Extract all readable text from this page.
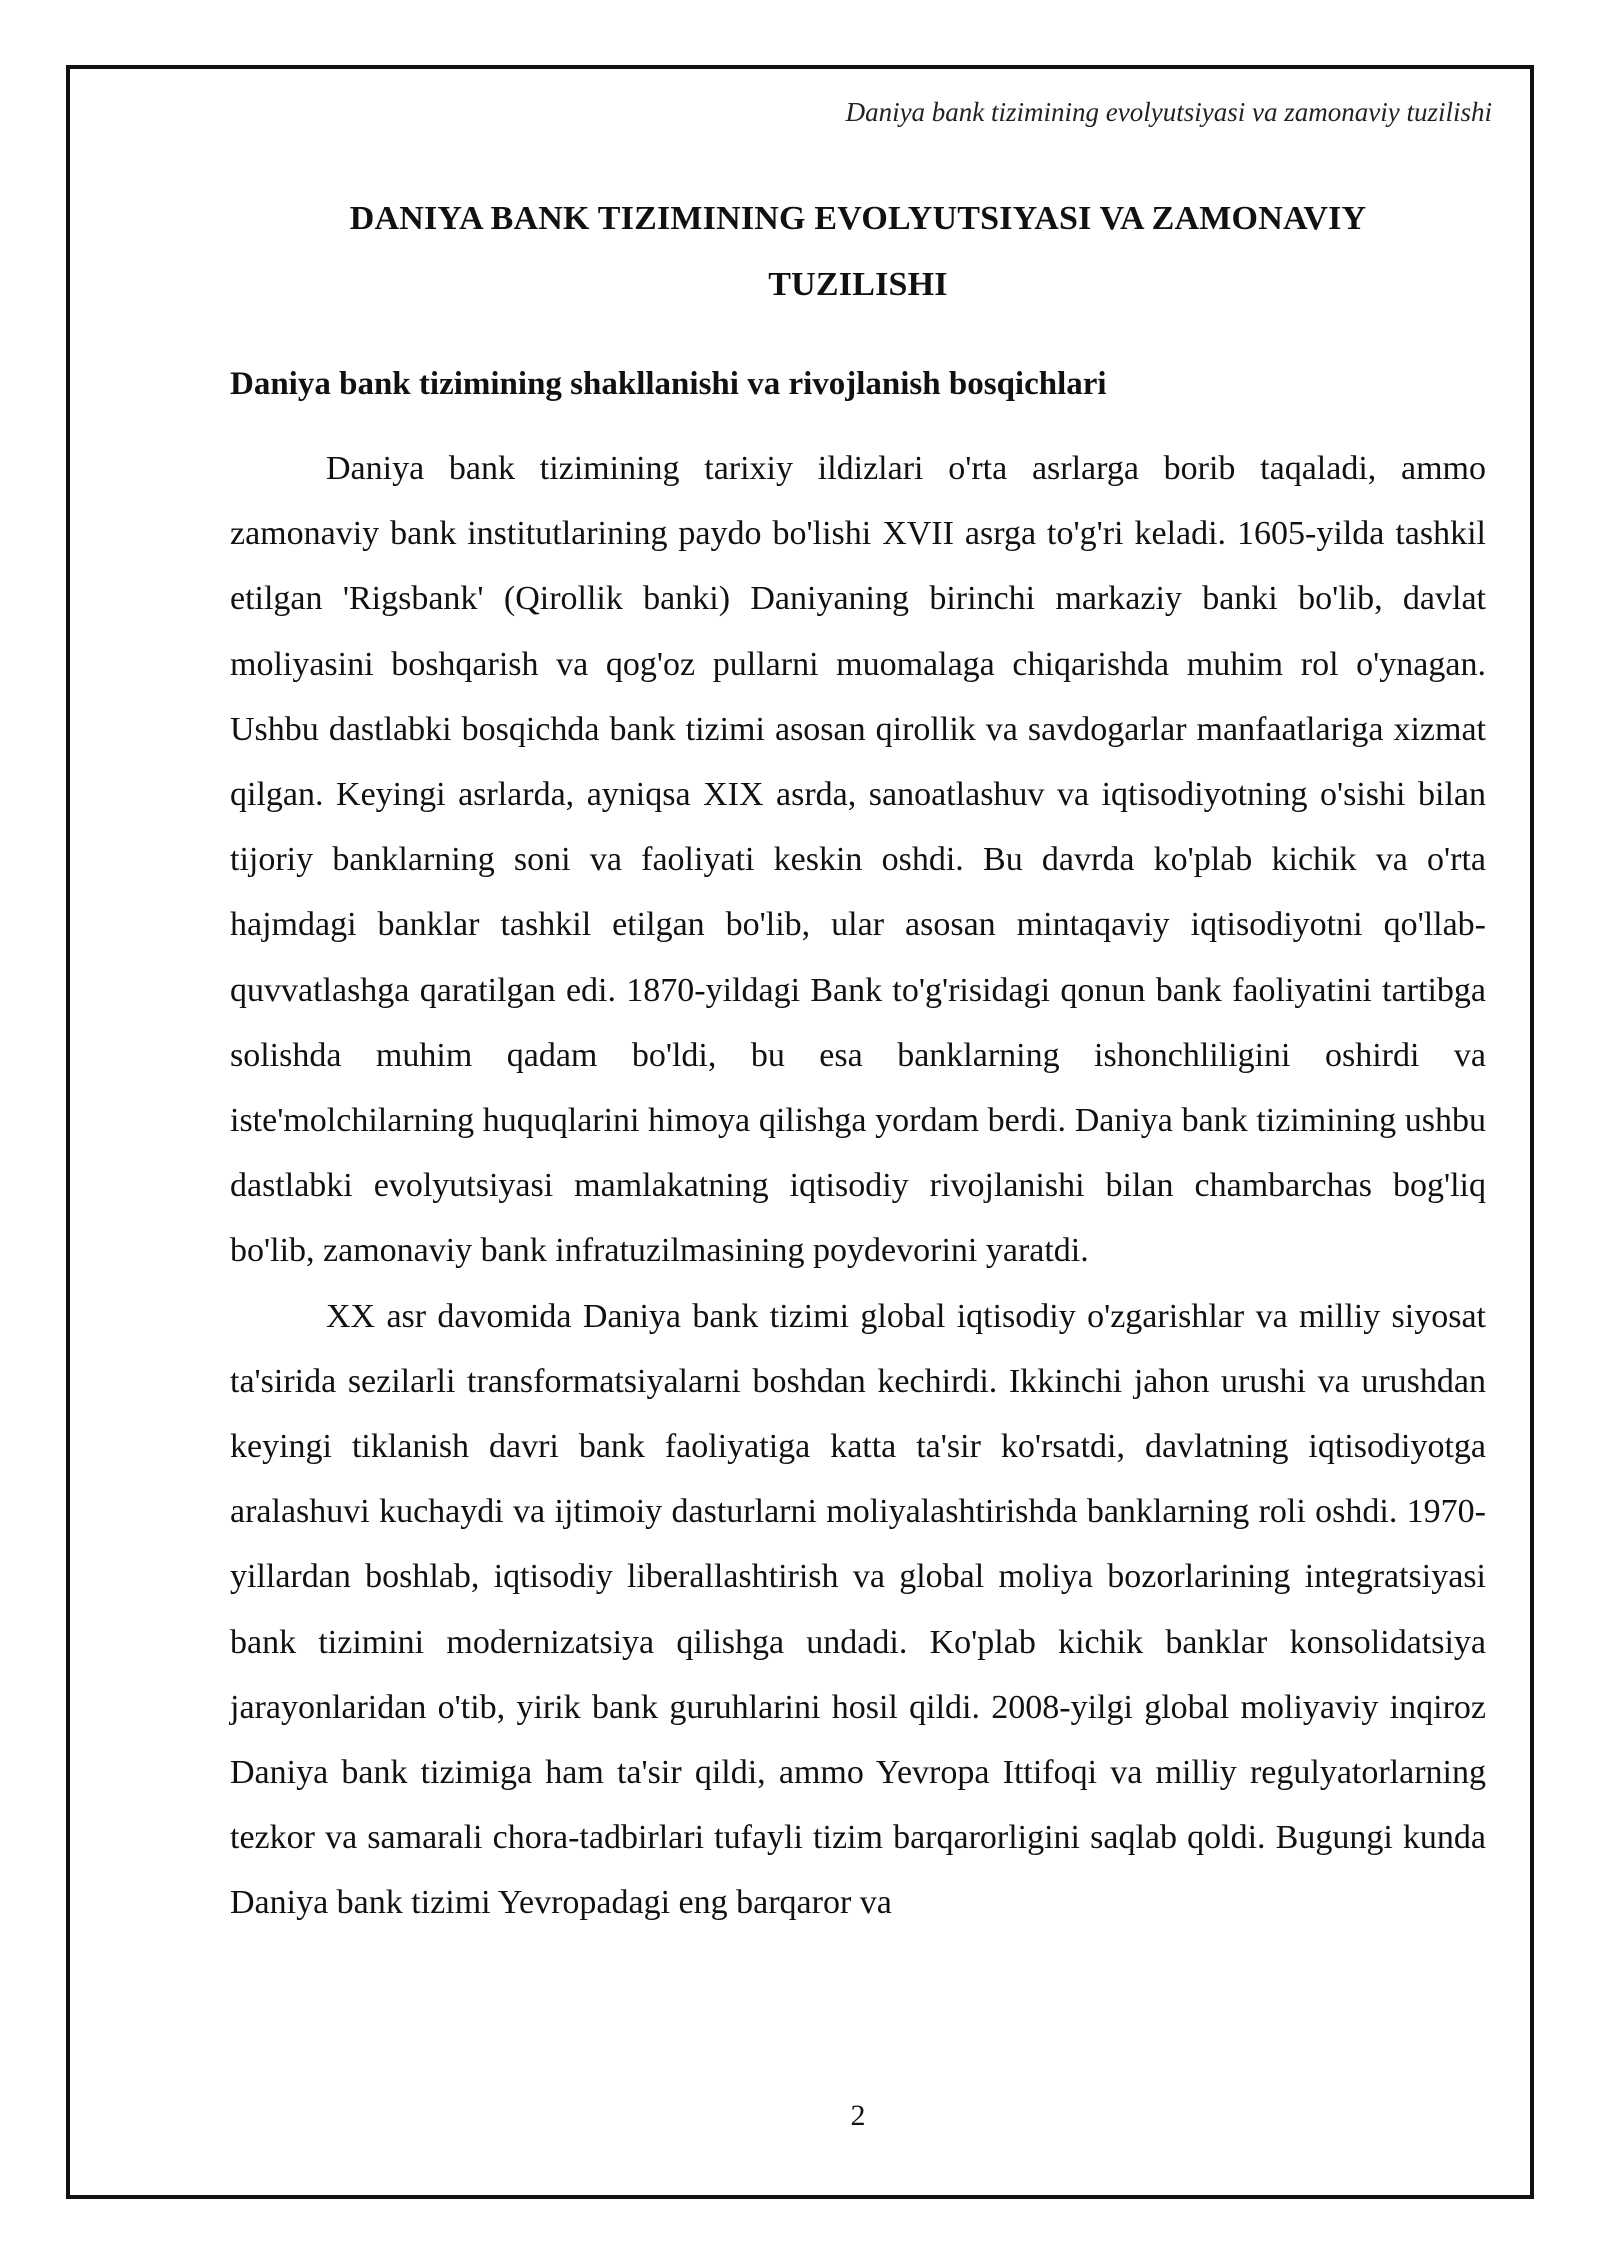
Daniya bank tizimining evolyutsiyasi va zamonaviy tuzilishi
DANIYA BANK TIZIMINING EVOLYUTSIYASI VA ZAMONAVIY
TUZILISHI
Daniya bank tizimining shakllanishi va rivojlanish bosqichlari

Daniya bank tizimining tarixiy ildizlari o'rta asrlarga borib taqaladi, ammo zamonaviy bank institutlarining paydo bo'lishi XVII asrga to'g'ri keladi. 1605-yilda tashkil etilgan 'Rigsbank' (Qirollik banki) Daniyaning birinchi markaziy banki bo'lib, davlat moliyasini boshqarish va qog'oz pullarni muomalaga chiqarishda muhim rol o'ynagan. Ushbu dastlabki bosqichda bank tizimi asosan qirollik va savdogarlar manfaatlariga xizmat qilgan. Keyingi asrlarda, ayniqsa XIX asrda, sanoatlashuv va iqtisodiyotning o'sishi bilan tijoriy banklarning soni va faoliyati keskin oshdi. Bu davrda ko'plab kichik va o'rta hajmdagi banklar tashkil etilgan bo'lib, ular asosan mintaqaviy iqtisodiyotni qo'llab-quvvatlashga qaratilgan edi. 1870-yildagi Bank to'g'risidagi qonun bank faoliyatini tartibga solishda muhim qadam bo'ldi, bu esa banklarning ishonchliligini oshirdi va iste'molchilarning huquqlarini himoya qilishga yordam berdi. Daniya bank tizimining ushbu dastlabki evolyutsiyasi mamlakatning iqtisodiy rivojlanishi bilan chambarchas bog'liq bo'lib, zamonaviy bank infratuzilmasining poydevorini yaratdi.

XX asr davomida Daniya bank tizimi global iqtisodiy o'zgarishlar va milliy siyosat ta'sirida sezilarli transformatsiyalarni boshdan kechirdi. Ikkinchi jahon urushi va urushdan keyingi tiklanish davri bank faoliyatiga katta ta'sir ko'rsatdi, davlatning iqtisodiyotga aralashuvi kuchaydi va ijtimoiy dasturlarni moliyalashtirishda banklarning roli oshdi. 1970-yillardan boshlab, iqtisodiy liberallashtirish va global moliya bozorlarining integratsiyasi bank tizimini modernizatsiya qilishga undadi. Ko'plab kichik banklar konsolidatsiya jarayonlaridan o'tib, yirik bank guruhlarini hosil qildi. 2008-yilgi global moliyaviy inqiroz Daniya bank tizimiga ham ta'sir qildi, ammo Yevropa Ittifoqi va milliy regulyatorlarning tezkor va samarali chora-tadbirlari tufayli tizim barqarorligini saqlab qoldi. Bugungi kunda Daniya bank tizimi Yevropadagi eng barqaror va

2
